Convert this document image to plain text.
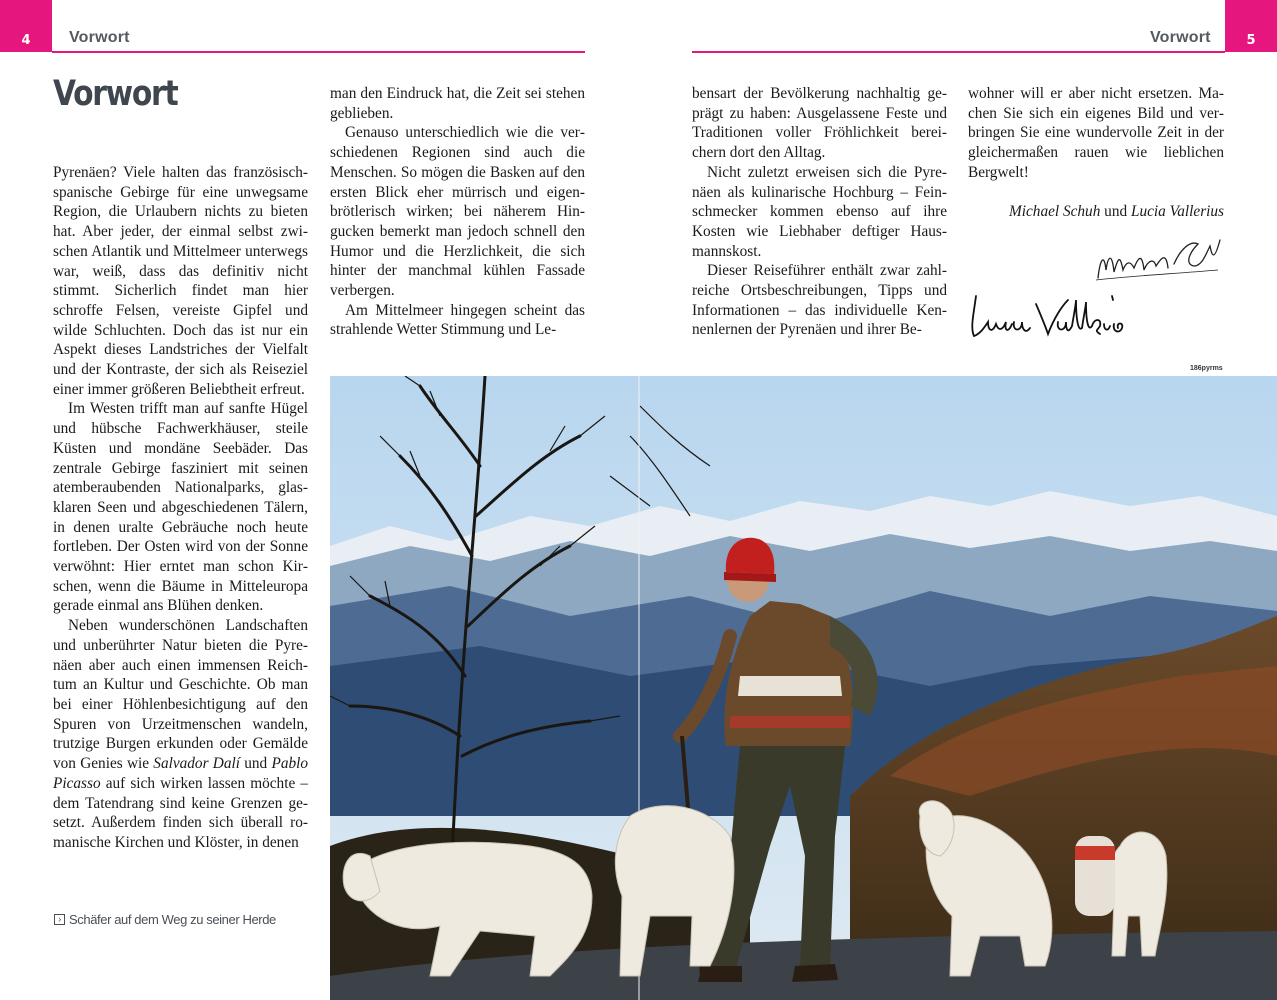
4	5
Vorwort	Vorwort
Vorwort

Pyrenäen? Viele halten das französisch-spanische Gebirge für eine unwegsame Region, die Urlaubern nichts zu bieten hat. Aber jeder, der einmal selbst zwischen Atlantik und Mittelmeer unterwegs war, weiß, dass das definitiv nicht stimmt. Sicherlich findet man hier schroffe Felsen, vereiste Gipfel und wilde Schluchten. Doch das ist nur ein Aspekt dieses Landstriches der Vielfalt und der Kontraste, der sich als Reiseziel einer immer größeren Beliebtheit erfreut.

Im Westen trifft man auf sanfte Hügel und hübsche Fachwerkhäuser, steile Küsten und mondäne Seebäder. Das zentrale Gebirge fasziniert mit seinen atemberaubenden Nationalparks, glasklaren Seen und abgeschiedenen Tälern, in denen uralte Gebräuche noch heute fortleben. Der Osten wird von der Sonne verwöhnt: Hier erntet man schon Kirschen, wenn die Bäume in Mitteleuropa gerade einmal ans Blühen denken.

Neben wunderschönen Landschaften und unberührter Natur bieten die Pyrenäen aber auch einen immensen Reichtum an Kultur und Geschichte. Ob man bei einer Höhlenbesichtigung auf den Spuren von Urzeitmenschen wandeln, trutzige Burgen erkunden oder Gemälde von Genies wie Salvador Dalí und Pablo Picasso auf sich wirken lassen möchte – dem Tatendrang sind keine Grenzen gesetzt. Außerdem finden sich überall romanische Kirchen und Klöster, in denen

man den Eindruck hat, die Zeit sei stehen geblieben.

Genauso unterschiedlich wie die verschiedenen Regionen sind auch die Menschen. So mögen die Basken auf den ersten Blick eher mürrisch und eigenbrötlerisch wirken; bei näherem Hingucken bemerkt man jedoch schnell den Humor und die Herzlichkeit, die sich hinter der manchmal kühlen Fassade verbergen.

Am Mittelmeer hingegen scheint das strahlende Wetter Stimmung und Le-

bensart der Bevölkerung nachhaltig geprägt zu haben: Ausgelassene Feste und Traditionen voller Fröhlichkeit bereichern dort den Alltag.

Nicht zuletzt erweisen sich die Pyrenäen als kulinarische Hochburg – Feinschmecker kommen ebenso auf ihre Kosten wie Liebhaber deftiger Hausmannskost.

Dieser Reiseführer enthält zwar zahlreiche Ortsbeschreibungen, Tipps und Informationen – das individuelle Kennenlernen der Pyrenäen und ihrer Be-

wohner will er aber nicht ersetzen. Machen Sie sich ein eigenes Bild und verbringen Sie eine wundervolle Zeit in der gleichermaßen rauen wie lieblichen Bergwelt!

Michael Schuh und Lucia Vallerius
186pyrms
› Schäfer auf dem Weg zu seiner Herde
